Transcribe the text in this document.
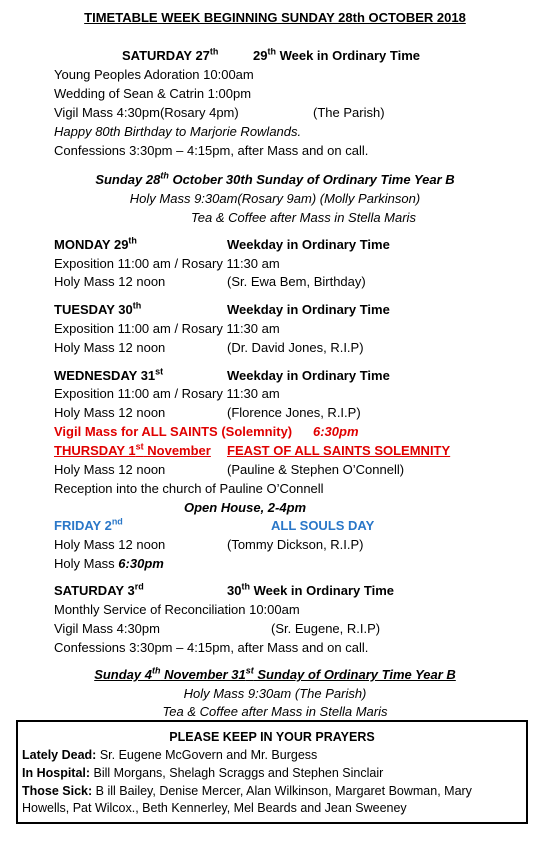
TIMETABLE WEEK BEGINNING SUNDAY 28th OCTOBER 2018
SATURDAY 27th	29th Week in Ordinary Time
Young Peoples Adoration 10:00am
Wedding of Sean & Catrin 1:00pm
Vigil Mass 4:30pm(Rosary 4pm)	(The Parish)
Happy 80th Birthday to Marjorie Rowlands.
Confessions 3:30pm – 4:15pm, after Mass and on call.
Sunday 28th October 30th Sunday of Ordinary Time Year B
Holy Mass 9:30am(Rosary 9am) (Molly Parkinson)
Tea & Coffee after Mass in Stella Maris
MONDAY 29th	Weekday in Ordinary Time
Exposition 11:00 am / Rosary 11:30 am
Holy Mass 12 noon	(Sr. Ewa Bem, Birthday)
TUESDAY 30th	Weekday in Ordinary Time
Exposition 11:00 am / Rosary 11:30 am
Holy Mass 12 noon	(Dr. David Jones, R.I.P)
WEDNESDAY 31st	Weekday in Ordinary Time
Exposition 11:00 am / Rosary 11:30 am
Holy Mass 12 noon	(Florence Jones, R.I.P)
Vigil Mass for ALL SAINTS (Solemnity) 6:30pm
THURSDAY 1st November FEAST OF ALL SAINTS SOLEMNITY
Holy Mass 12 noon	(Pauline & Stephen O’Connell)
Reception into the church of Pauline O’Connell
Open House, 2-4pm
FRIDAY 2nd	ALL SOULS DAY
Holy Mass 12 noon	(Tommy Dickson, R.I.P)
Holy Mass 6:30pm
SATURDAY 3rd	30th Week in Ordinary Time
Monthly Service of Reconciliation 10:00am
Vigil Mass 4:30pm	(Sr. Eugene, R.I.P)
Confessions 3:30pm – 4:15pm, after Mass and on call.
Sunday 4th November 31st Sunday of Ordinary Time Year B
Holy Mass 9:30am (The Parish)
Tea & Coffee after Mass in Stella Maris
PLEASE KEEP IN YOUR PRAYERS
Lately Dead: Sr. Eugene McGovern and Mr. Burgess
In Hospital: Bill Morgans, Shelagh Scraggs and Stephen Sinclair
Those Sick: B ill Bailey, Denise Mercer, Alan Wilkinson, Margaret Bowman, Mary
Howells, Pat Wilcox., Beth Kennerley, Mel Beards and Jean Sweeney
